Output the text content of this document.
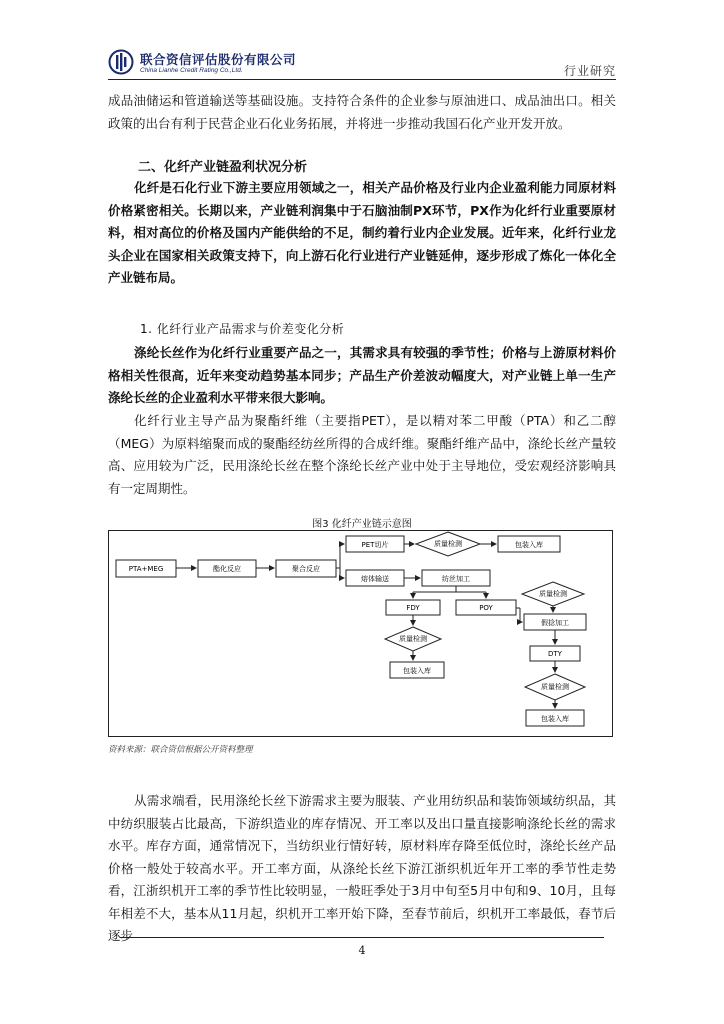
联合资信评估股份有限公司
China Lianhe Credit Rating Co.,Ltd.	行业研究
成品油储运和管道输送等基础设施。支持符合条件的企业参与原油进口、成品油出口。相关政策的出台有利于民营企业石化业务拓展，并将进一步推动我国石化产业开发开放。
二、化纤产业链盈利状况分析
化纤是石化行业下游主要应用领域之一，相关产品价格及行业内企业盈利能力同原材料价格紧密相关。长期以来，产业链利润集中于石脑油制PX环节，PX作为化纤行业重要原材料，相对高位的价格及国内产能供给的不足，制约着行业内企业发展。近年来，化纤行业龙头企业在国家相关政策支持下，向上游石化行业进行产业链延伸，逐步形成了炼化一体化全产业链布局。
1. 化纤行业产品需求与价差变化分析
涤纶长丝作为化纤行业重要产品之一，其需求具有较强的季节性；价格与上游原材料价格相关性很高，近年来变动趋势基本同步；产品生产价差波动幅度大，对产业链上单一生产涤纶长丝的企业盈利水平带来很大影响。
化纤行业主导产品为聚酯纤维（主要指PET），是以精对苯二甲酸（PTA）和乙二醇（MEG）为原料缩聚而成的聚酯经纺丝所得的合成纤维。聚酯纤维产品中，涤纶长丝产量较高、应用较为广泛，民用涤纶长丝在整个涤纶长丝产业中处于主导地位，受宏观经济影响具有一定周期性。
图3 化纤产业链示意图
PTA+MEG	酯化反应	聚合反应
PET切片	质量检测	包装入库
熔体输送	纺丝加工
FDY	POY
质量检测
包装入库
质量检测
假捻加工
DTY
质量检测
包装入库
资料来源：联合资信根据公开资料整理
从需求端看，民用涤纶长丝下游需求主要为服装、产业用纺织品和装饰领域纺织品，其中纺织服装占比最高，下游织造业的库存情况、开工率以及出口量直接影响涤纶长丝的需求水平。库存方面，通常情况下，当纺织业行情好转，原材料库存降至低位时，涤纶长丝产品价格一般处于较高水平。开工率方面，从涤纶长丝下游江浙织机近年开工率的季节性走势看，江浙织机开工率的季节性比较明显，一般旺季处于3月中旬至5月中旬和9、10月，且每年相差不大，基本从11月起，织机开工率开始下降，至春节前后，织机开工率最低，春节后逐步
4
